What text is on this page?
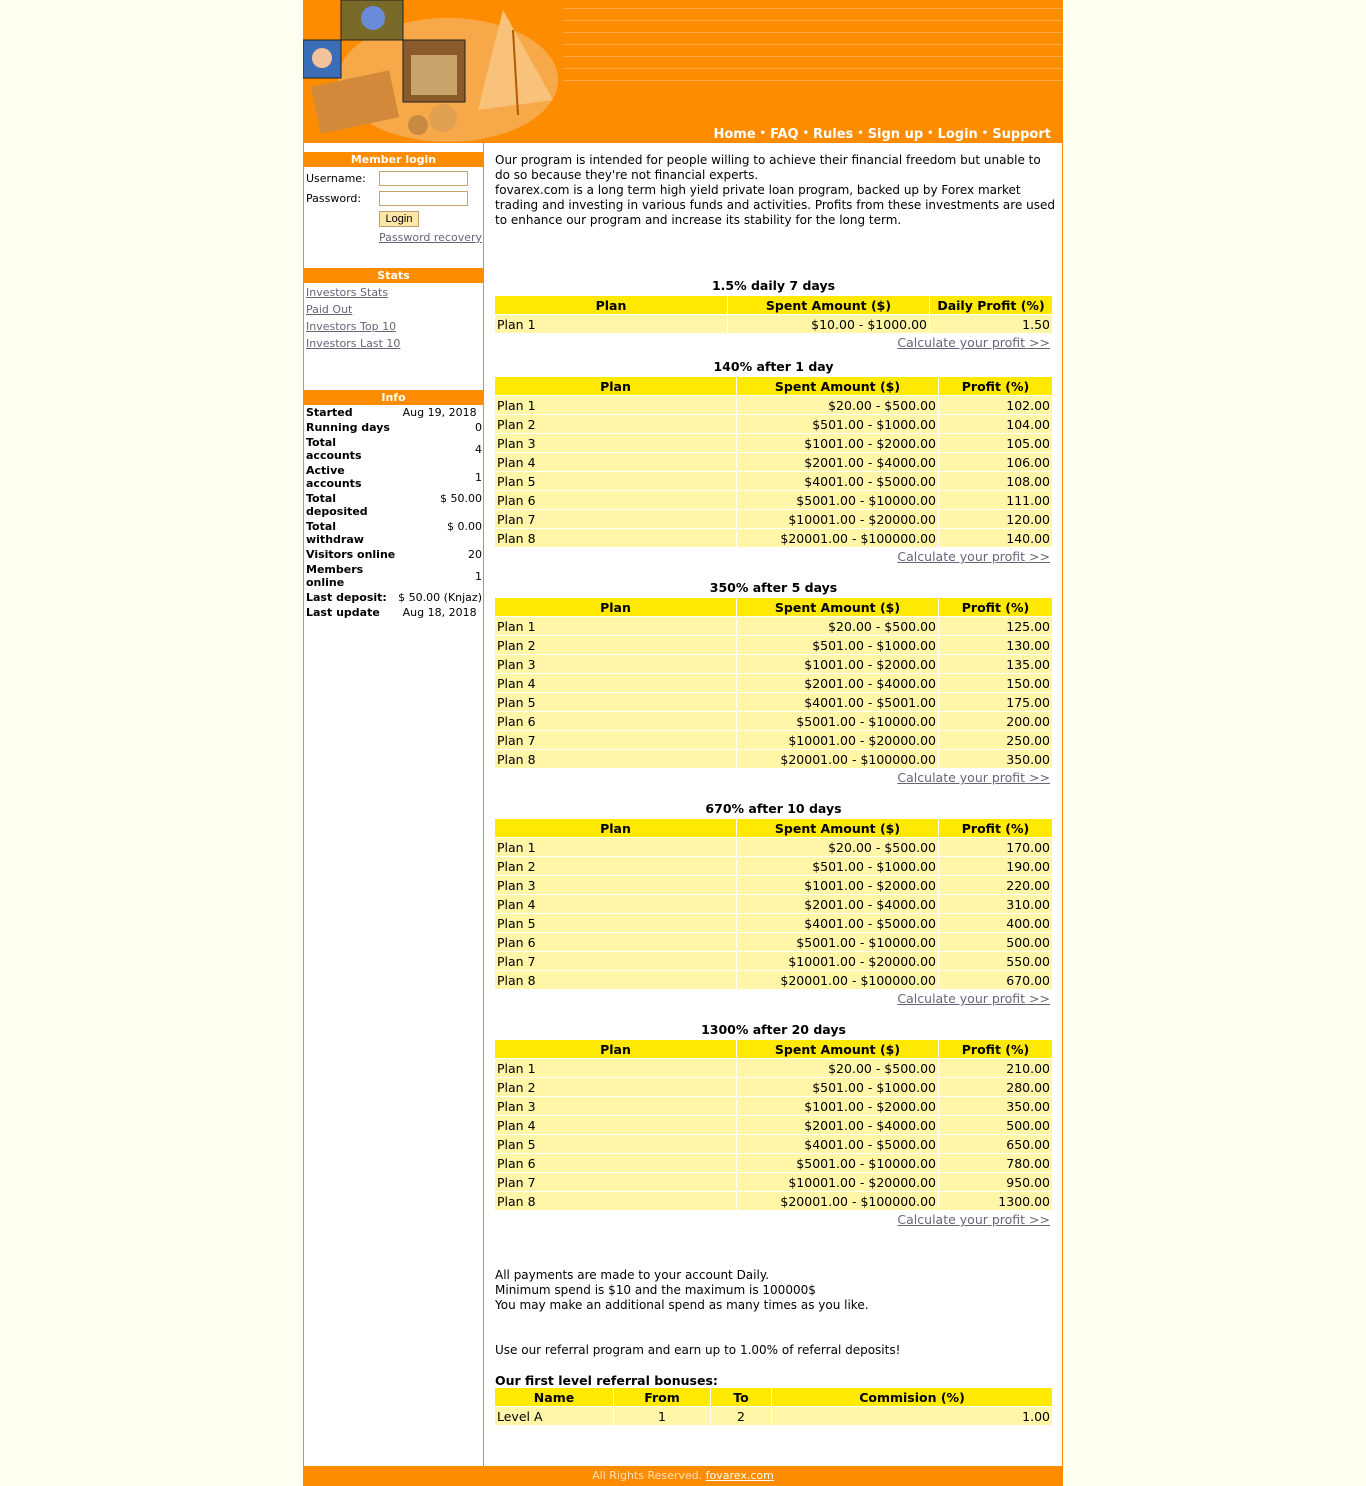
Home • FAQ • Rules • Sign up • Login • Support
Member login
Username:
Password:
Login
Password recovery
Stats
Investors Stats
Paid Out
Investors Top 10
Investors Last 10
Info
Started	Aug 19, 2018
Running days	0
Total accounts	4
Active accounts	1
Total deposited	$ 50.00
Total withdraw	$ 0.00
Visitors online	20
Members online	1
Last deposit:	$ 50.00 (Knjaz)
Last update	Aug 18, 2018
Our program is intended for people willing to achieve their financial freedom but unable to do so because they're not financial experts.
fovarex.com is a long term high yield private loan program, backed up by Forex market trading and investing in various funds and activities. Profits from these investments are used to enhance our program and increase its stability for the long term.
1.5% daily 7 days
Plan	Spent Amount ($)	Daily Profit (%)
Plan 1	$10.00 - $1000.00	1.50
Calculate your profit >>
140% after 1 day
Plan	Spent Amount ($)	Profit (%)
Plan 1	$20.00 - $500.00	102.00
Plan 2	$501.00 - $1000.00	104.00
Plan 3	$1001.00 - $2000.00	105.00
Plan 4	$2001.00 - $4000.00	106.00
Plan 5	$4001.00 - $5000.00	108.00
Plan 6	$5001.00 - $10000.00	111.00
Plan 7	$10001.00 - $20000.00	120.00
Plan 8	$20001.00 - $100000.00	140.00
Calculate your profit >>
350% after 5 days
Plan	Spent Amount ($)	Profit (%)
Plan 1	$20.00 - $500.00	125.00
Plan 2	$501.00 - $1000.00	130.00
Plan 3	$1001.00 - $2000.00	135.00
Plan 4	$2001.00 - $4000.00	150.00
Plan 5	$4001.00 - $5001.00	175.00
Plan 6	$5001.00 - $10000.00	200.00
Plan 7	$10001.00 - $20000.00	250.00
Plan 8	$20001.00 - $100000.00	350.00
Calculate your profit >>
670% after 10 days
Plan	Spent Amount ($)	Profit (%)
Plan 1	$20.00 - $500.00	170.00
Plan 2	$501.00 - $1000.00	190.00
Plan 3	$1001.00 - $2000.00	220.00
Plan 4	$2001.00 - $4000.00	310.00
Plan 5	$4001.00 - $5000.00	400.00
Plan 6	$5001.00 - $10000.00	500.00
Plan 7	$10001.00 - $20000.00	550.00
Plan 8	$20001.00 - $100000.00	670.00
Calculate your profit >>
1300% after 20 days
Plan	Spent Amount ($)	Profit (%)
Plan 1	$20.00 - $500.00	210.00
Plan 2	$501.00 - $1000.00	280.00
Plan 3	$1001.00 - $2000.00	350.00
Plan 4	$2001.00 - $4000.00	500.00
Plan 5	$4001.00 - $5000.00	650.00
Plan 6	$5001.00 - $10000.00	780.00
Plan 7	$10001.00 - $20000.00	950.00
Plan 8	$20001.00 - $100000.00	1300.00
Calculate your profit >>
All payments are made to your account Daily.
Minimum spend is $10 and the maximum is 100000$
You may make an additional spend as many times as you like.
Use our referral program and earn up to 1.00% of referral deposits!
Our first level referral bonuses:
Name	From	To	Commision (%)
Level A	1	2	1.00
All Rights Reserved. fovarex.com
